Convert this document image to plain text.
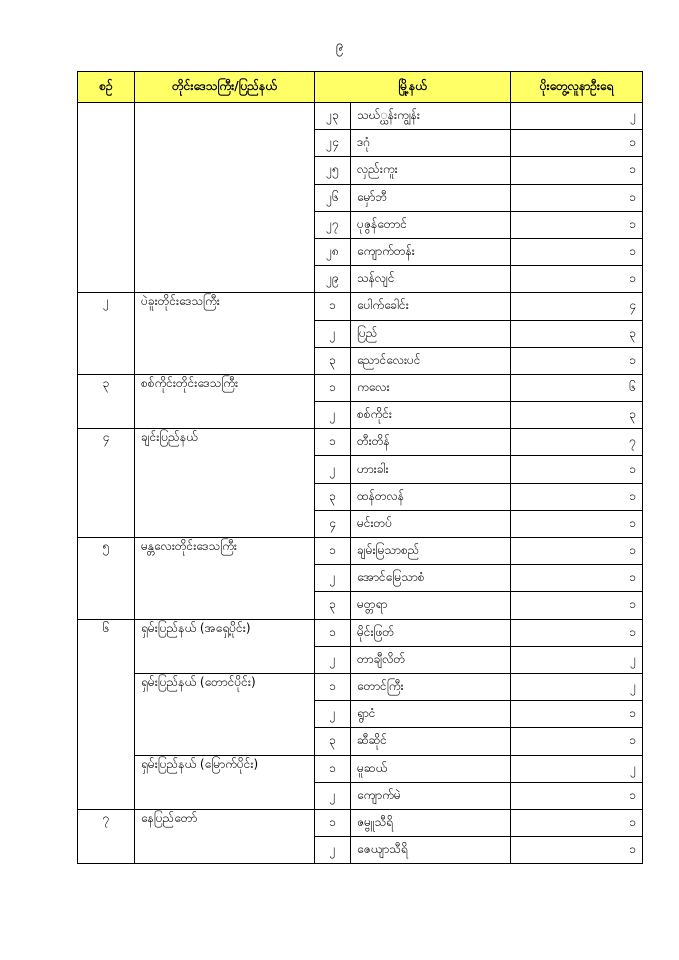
၉
စဉ်	တိုင်းဒေသကြီး/ပြည်နယ်	မြို့နယ်		ပိုးတွေ့လူနာဦးရေ
		၂၃	သဃ်္ဃန်းကျွန်း	၂
		၂၄	ဒဂုံ	၁
		၂၅	လှည်းကူး	၁
		၂၆	မှော်ဘီ	၁
		၂၇	ပုဇွန်တောင်	၁
		၂၈	ကျောက်တန်း	၁
		၂၉	သန်လျင်	၁
၂	ပဲခူးတိုင်းဒေသကြီး	၁	ပေါက်ခေါင်း	၄
		၂	ပြည်	၃
		၃	ညောင်လေးပင်	၁
၃	စစ်ကိုင်းတိုင်းဒေသကြီး	၁	ကလေး	၆
		၂	စစ်ကိုင်း	၃
၄	ချင်းပြည်နယ်	၁	တီးတိန်	၇
		၂	ဟားခါး	၁
		၃	ထန်တလန်	၁
		၄	မင်းတပ်	၁
၅	မန္တလေးတိုင်းဒေသကြီး	၁	ချမ်းမြသာစည်	၁
		၂	အောင်မြေသာစံ	၁
		၃	မတ္တရာ	၁
၆	ရှမ်းပြည်နယ် (အရှေ့ပိုင်း)	၁	မိုင်းဖြတ်	၁
		၂	တာချီလိတ်	၂
	ရှမ်းပြည်နယ် (တောင်ပိုင်း)	၁	တောင်ကြီး	၂
		၂	ရွာငံ	၁
		၃	ဆီဆိုင်	၁
	ရှမ်းပြည်နယ် (မြောက်ပိုင်း)	၁	မူဆယ်	၂
		၂	ကျောက်မဲ	၁
၇	နေပြည်တော်	၁	ဇမ္ဗူသီရိ	၁
		၂	ဇေယျာသီရိ	၁
